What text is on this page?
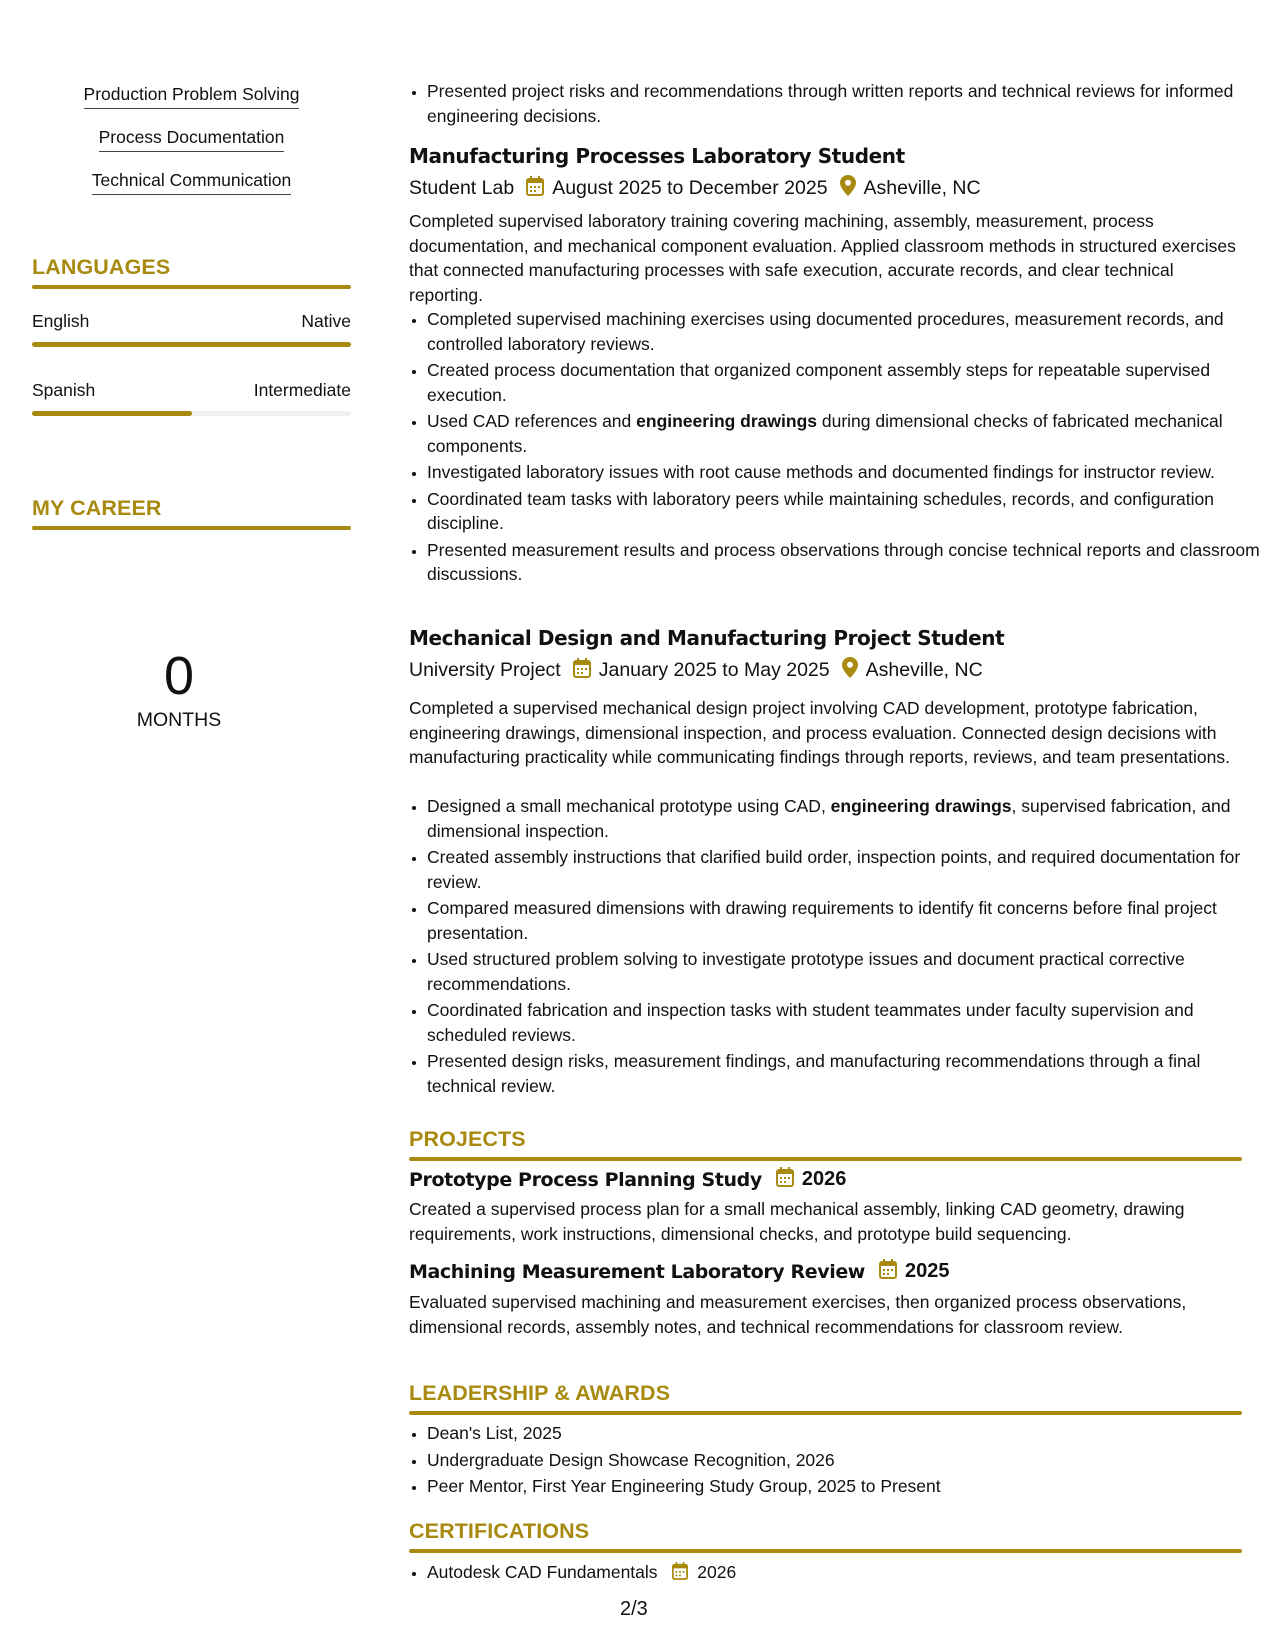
Production Problem Solving
Process Documentation
Technical Communication
LANGUAGES
English	Native
Spanish	Intermediate
MY CAREER
0
MONTHS
• Presented project risks and recommendations through written reports and technical reviews for informed engineering decisions.
Manufacturing Processes Laboratory Student
Student Lab August 2025 to December 2025 Asheville, NC
Completed supervised laboratory training covering machining, assembly, measurement, process documentation, and mechanical component evaluation. Applied classroom methods in structured exercises that connected manufacturing processes with safe execution, accurate records, and clear technical reporting.
• Completed supervised machining exercises using documented procedures, measurement records, and controlled laboratory reviews.
• Created process documentation that organized component assembly steps for repeatable supervised execution.
• Used CAD references and engineering drawings during dimensional checks of fabricated mechanical components.
• Investigated laboratory issues with root cause methods and documented findings for instructor review.
• Coordinated team tasks with laboratory peers while maintaining schedules, records, and configuration discipline.
• Presented measurement results and process observations through concise technical reports and classroom discussions.
Mechanical Design and Manufacturing Project Student
University Project January 2025 to May 2025 Asheville, NC
Completed a supervised mechanical design project involving CAD development, prototype fabrication, engineering drawings, dimensional inspection, and process evaluation. Connected design decisions with manufacturing practicality while communicating findings through reports, reviews, and team presentations.
• Designed a small mechanical prototype using CAD, engineering drawings, supervised fabrication, and dimensional inspection.
• Created assembly instructions that clarified build order, inspection points, and required documentation for review.
• Compared measured dimensions with drawing requirements to identify fit concerns before final project presentation.
• Used structured problem solving to investigate prototype issues and document practical corrective recommendations.
• Coordinated fabrication and inspection tasks with student teammates under faculty supervision and scheduled reviews.
• Presented design risks, measurement findings, and manufacturing recommendations through a final technical review.
PROJECTS
Prototype Process Planning Study 2026
Created a supervised process plan for a small mechanical assembly, linking CAD geometry, drawing requirements, work instructions, dimensional checks, and prototype build sequencing.
Machining Measurement Laboratory Review 2025
Evaluated supervised machining and measurement exercises, then organized process observations, dimensional records, assembly notes, and technical recommendations for classroom review.
LEADERSHIP & AWARDS
• Dean's List, 2025
• Undergraduate Design Showcase Recognition, 2026
• Peer Mentor, First Year Engineering Study Group, 2025 to Present
CERTIFICATIONS
• Autodesk CAD Fundamentals 2026
2/3
